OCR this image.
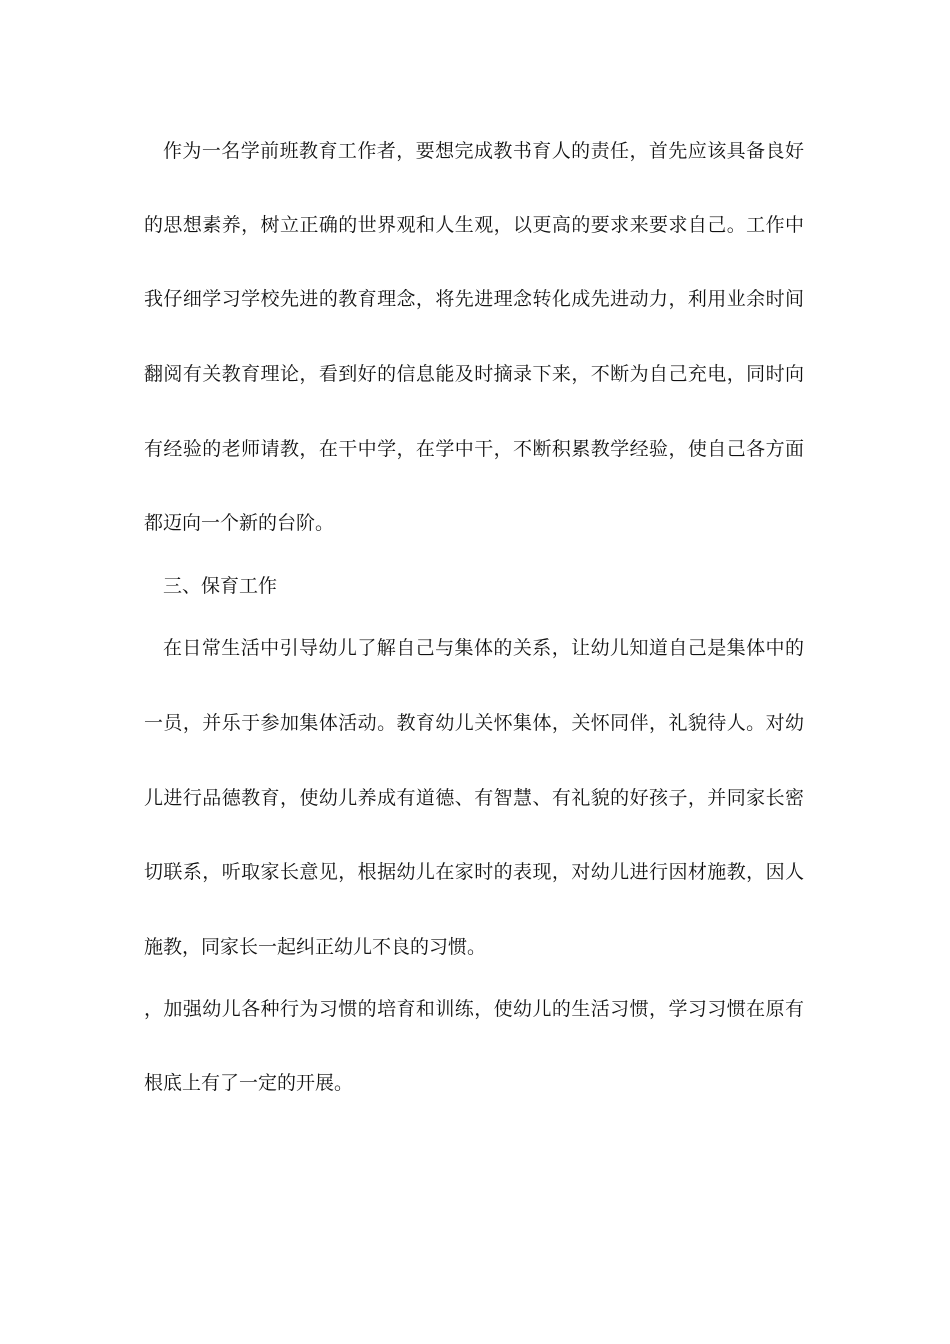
作为一名学前班教育工作者，要想完成教书育人的责任，首先应该具备良好
的思想素养，树立正确的世界观和人生观，以更高的要求来要求自己。工作中
我仔细学习学校先进的教育理念，将先进理念转化成先进动力，利用业余时间
翻阅有关教育理论，看到好的信息能及时摘录下来，不断为自己充电，同时向
有经验的老师请教，在干中学，在学中干，不断积累教学经验，使自己各方面
都迈向一个新的台阶。
三、保育工作
在日常生活中引导幼儿了解自己与集体的关系，让幼儿知道自己是集体中的
一员，并乐于参加集体活动。教育幼儿关怀集体，关怀同伴，礼貌待人。对幼
儿进行品德教育，使幼儿养成有道德、有智慧、有礼貌的好孩子，并同家长密
切联系，听取家长意见，根据幼儿在家时的表现，对幼儿进行因材施教，因人
施教，同家长一起纠正幼儿不良的习惯。
，加强幼儿各种行为习惯的培育和训练，使幼儿的生活习惯，学习习惯在原有
根底上有了一定的开展。
